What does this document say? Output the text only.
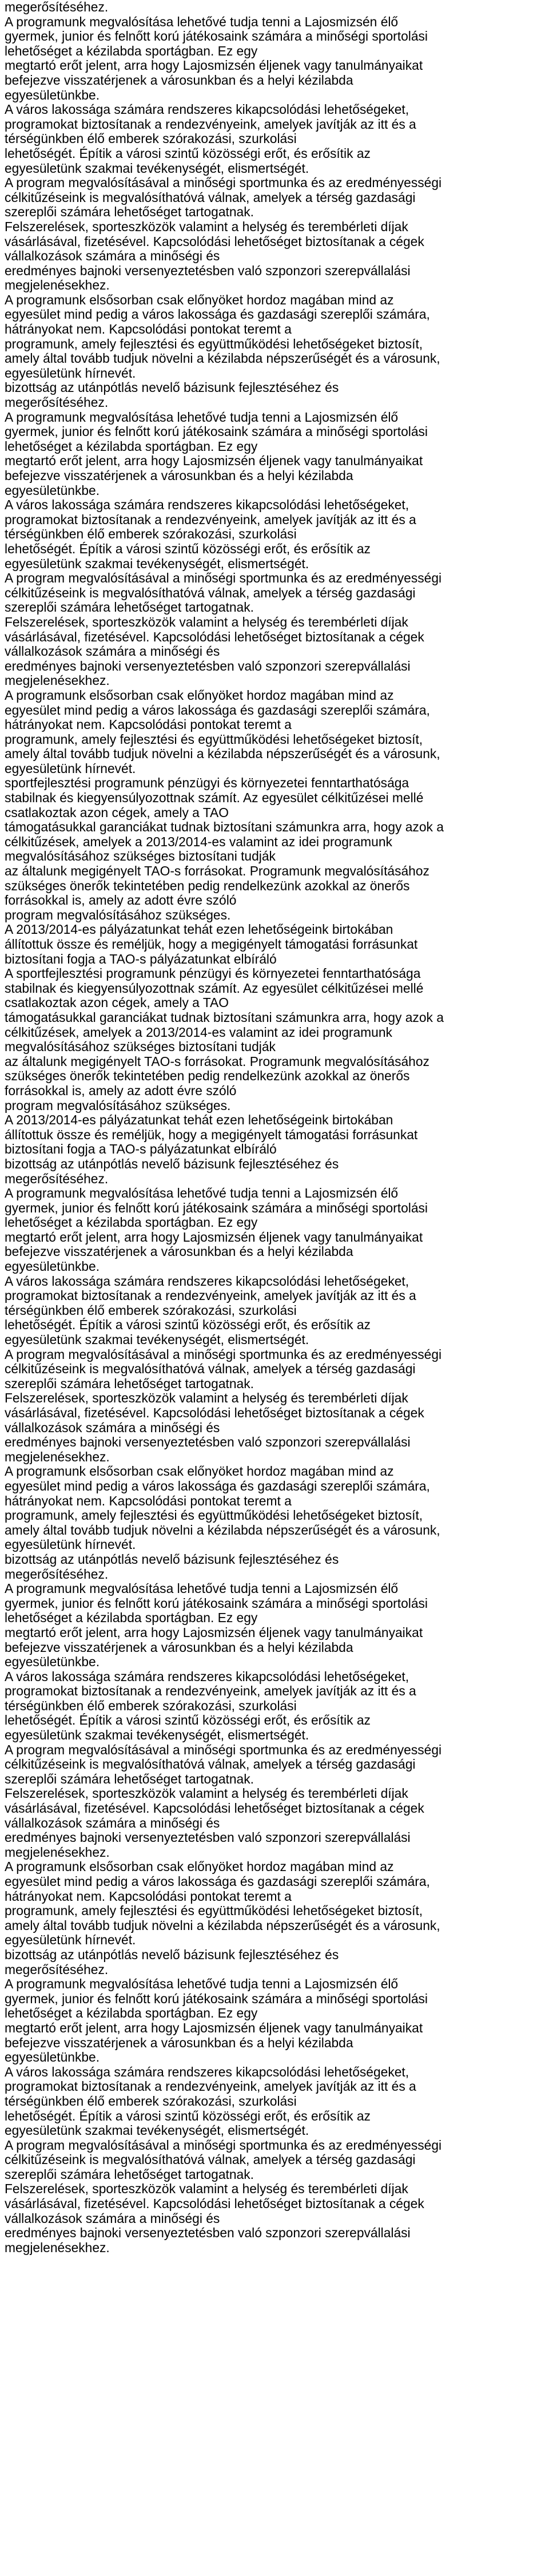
megerősítéséhez.
A programunk megvalósítása lehetővé tudja tenni a Lajosmizsén élő
gyermek, junior és felnőtt korú játékosaink számára a minőségi sportolási
lehetőséget a kézilabda sportágban. Ez egy
megtartó erőt jelent, arra hogy Lajosmizsén éljenek vagy tanulmányaikat
befejezve visszatérjenek a városunkban és a helyi kézilabda
egyesületünkbe.
A város lakossága számára rendszeres kikapcsolódási lehetőségeket,
programokat biztosítanak a rendezvényeink, amelyek javítják az itt és a
térségünkben élő emberek szórakozási, szurkolási
lehetőségét. Építik a városi szintű közösségi erőt, és erősítik az
egyesületünk szakmai tevékenységét, elismertségét.
A program megvalósításával a minőségi sportmunka és az eredményességi
célkitűzéseink is megvalósíthatóvá válnak, amelyek a térség gazdasági
szereplői számára lehetőséget tartogatnak.
Felszerelések, sporteszközök valamint a helység és terembérleti díjak
vásárlásával, fizetésével. Kapcsolódási lehetőséget biztosítanak a cégek
vállalkozások számára a minőségi és
eredményes bajnoki versenyeztetésben való szponzori szerepvállalási
megjelenésekhez.
A programunk elsősorban csak előnyöket hordoz magában mind az
egyesület mind pedig a város lakossága és gazdasági szereplői számára,
hátrányokat nem. Kapcsolódási pontokat teremt a
programunk, amely fejlesztési és együttműködési lehetőségeket biztosít,
amely által tovább tudjuk növelni a kézilabda népszerűségét és a városunk,
egyesületünk hírnevét.
bizottság az utánpótlás nevelő bázisunk fejlesztéséhez és
megerősítéséhez.
A programunk megvalósítása lehetővé tudja tenni a Lajosmizsén élő
gyermek, junior és felnőtt korú játékosaink számára a minőségi sportolási
lehetőséget a kézilabda sportágban. Ez egy
megtartó erőt jelent, arra hogy Lajosmizsén éljenek vagy tanulmányaikat
befejezve visszatérjenek a városunkban és a helyi kézilabda
egyesületünkbe.
A város lakossága számára rendszeres kikapcsolódási lehetőségeket,
programokat biztosítanak a rendezvényeink, amelyek javítják az itt és a
térségünkben élő emberek szórakozási, szurkolási
lehetőségét. Építik a városi szintű közösségi erőt, és erősítik az
egyesületünk szakmai tevékenységét, elismertségét.
A program megvalósításával a minőségi sportmunka és az eredményességi
célkitűzéseink is megvalósíthatóvá válnak, amelyek a térség gazdasági
szereplői számára lehetőséget tartogatnak.
Felszerelések, sporteszközök valamint a helység és terembérleti díjak
vásárlásával, fizetésével. Kapcsolódási lehetőséget biztosítanak a cégek
vállalkozások számára a minőségi és
eredményes bajnoki versenyeztetésben való szponzori szerepvállalási
megjelenésekhez.
A programunk elsősorban csak előnyöket hordoz magában mind az
egyesület mind pedig a város lakossága és gazdasági szereplői számára,
hátrányokat nem. Kapcsolódási pontokat teremt a
programunk, amely fejlesztési és együttműködési lehetőségeket biztosít,
amely által tovább tudjuk növelni a kézilabda népszerűségét és a városunk,
egyesületünk hírnevét.
sportfejlesztési programunk pénzügyi és környezetei fenntarthatósága
stabilnak és kiegyensúlyozottnak számít. Az egyesület célkitűzései mellé
csatlakoztak azon cégek, amely a TAO
támogatásukkal garanciákat tudnak biztosítani számunkra arra, hogy azok a
célkitűzések, amelyek a 2013/2014-es valamint az idei programunk
megvalósításához szükséges biztosítani tudják
az általunk megigényelt TAO-s forrásokat. Programunk megvalósításához
szükséges önerők tekintetében pedig rendelkezünk azokkal az önerős
forrásokkal is, amely az adott évre szóló
program megvalósításához szükséges.
A 2013/2014-es pályázatunkat tehát ezen lehetőségeink birtokában
állítottuk össze és reméljük, hogy a megigényelt támogatási forrásunkat
biztosítani fogja a TAO-s pályázatunkat elbíráló
A sportfejlesztési programunk pénzügyi és környezetei fenntarthatósága
stabilnak és kiegyensúlyozottnak számít. Az egyesület célkitűzései mellé
csatlakoztak azon cégek, amely a TAO
támogatásukkal garanciákat tudnak biztosítani számunkra arra, hogy azok a
célkitűzések, amelyek a 2013/2014-es valamint az idei programunk
megvalósításához szükséges biztosítani tudják
az általunk megigényelt TAO-s forrásokat. Programunk megvalósításához
szükséges önerők tekintetében pedig rendelkezünk azokkal az önerős
forrásokkal is, amely az adott évre szóló
program megvalósításához szükséges.
A 2013/2014-es pályázatunkat tehát ezen lehetőségeink birtokában
állítottuk össze és reméljük, hogy a megigényelt támogatási forrásunkat
biztosítani fogja a TAO-s pályázatunkat elbíráló
bizottság az utánpótlás nevelő bázisunk fejlesztéséhez és
megerősítéséhez.
A programunk megvalósítása lehetővé tudja tenni a Lajosmizsén élő
gyermek, junior és felnőtt korú játékosaink számára a minőségi sportolási
lehetőséget a kézilabda sportágban. Ez egy
megtartó erőt jelent, arra hogy Lajosmizsén éljenek vagy tanulmányaikat
befejezve visszatérjenek a városunkban és a helyi kézilabda
egyesületünkbe.
A város lakossága számára rendszeres kikapcsolódási lehetőségeket,
programokat biztosítanak a rendezvényeink, amelyek javítják az itt és a
térségünkben élő emberek szórakozási, szurkolási
lehetőségét. Építik a városi szintű közösségi erőt, és erősítik az
egyesületünk szakmai tevékenységét, elismertségét.
A program megvalósításával a minőségi sportmunka és az eredményességi
célkitűzéseink is megvalósíthatóvá válnak, amelyek a térség gazdasági
szereplői számára lehetőséget tartogatnak.
Felszerelések, sporteszközök valamint a helység és terembérleti díjak
vásárlásával, fizetésével. Kapcsolódási lehetőséget biztosítanak a cégek
vállalkozások számára a minőségi és
eredményes bajnoki versenyeztetésben való szponzori szerepvállalási
megjelenésekhez.
A programunk elsősorban csak előnyöket hordoz magában mind az
egyesület mind pedig a város lakossága és gazdasági szereplői számára,
hátrányokat nem. Kapcsolódási pontokat teremt a
programunk, amely fejlesztési és együttműködési lehetőségeket biztosít,
amely által tovább tudjuk növelni a kézilabda népszerűségét és a városunk,
egyesületünk hírnevét.
bizottság az utánpótlás nevelő bázisunk fejlesztéséhez és
megerősítéséhez.
A programunk megvalósítása lehetővé tudja tenni a Lajosmizsén élő
gyermek, junior és felnőtt korú játékosaink számára a minőségi sportolási
lehetőséget a kézilabda sportágban. Ez egy
megtartó erőt jelent, arra hogy Lajosmizsén éljenek vagy tanulmányaikat
befejezve visszatérjenek a városunkban és a helyi kézilabda
egyesületünkbe.
A város lakossága számára rendszeres kikapcsolódási lehetőségeket,
programokat biztosítanak a rendezvényeink, amelyek javítják az itt és a
térségünkben élő emberek szórakozási, szurkolási
lehetőségét. Építik a városi szintű közösségi erőt, és erősítik az
egyesületünk szakmai tevékenységét, elismertségét.
A program megvalósításával a minőségi sportmunka és az eredményességi
célkitűzéseink is megvalósíthatóvá válnak, amelyek a térség gazdasági
szereplői számára lehetőséget tartogatnak.
Felszerelések, sporteszközök valamint a helység és terembérleti díjak
vásárlásával, fizetésével. Kapcsolódási lehetőséget biztosítanak a cégek
vállalkozások számára a minőségi és
eredményes bajnoki versenyeztetésben való szponzori szerepvállalási
megjelenésekhez.
A programunk elsősorban csak előnyöket hordoz magában mind az
egyesület mind pedig a város lakossága és gazdasági szereplői számára,
hátrányokat nem. Kapcsolódási pontokat teremt a
programunk, amely fejlesztési és együttműködési lehetőségeket biztosít,
amely által tovább tudjuk növelni a kézilabda népszerűségét és a városunk,
egyesületünk hírnevét.
bizottság az utánpótlás nevelő bázisunk fejlesztéséhez és
megerősítéséhez.
A programunk megvalósítása lehetővé tudja tenni a Lajosmizsén élő
gyermek, junior és felnőtt korú játékosaink számára a minőségi sportolási
lehetőséget a kézilabda sportágban. Ez egy
megtartó erőt jelent, arra hogy Lajosmizsén éljenek vagy tanulmányaikat
befejezve visszatérjenek a városunkban és a helyi kézilabda
egyesületünkbe.
A város lakossága számára rendszeres kikapcsolódási lehetőségeket,
programokat biztosítanak a rendezvényeink, amelyek javítják az itt és a
térségünkben élő emberek szórakozási, szurkolási
lehetőségét. Építik a városi szintű közösségi erőt, és erősítik az
egyesületünk szakmai tevékenységét, elismertségét.
A program megvalósításával a minőségi sportmunka és az eredményességi
célkitűzéseink is megvalósíthatóvá válnak, amelyek a térség gazdasági
szereplői számára lehetőséget tartogatnak.
Felszerelések, sporteszközök valamint a helység és terembérleti díjak
vásárlásával, fizetésével. Kapcsolódási lehetőséget biztosítanak a cégek
vállalkozások számára a minőségi és
eredményes bajnoki versenyeztetésben való szponzori szerepvállalási
megjelenésekhez.
